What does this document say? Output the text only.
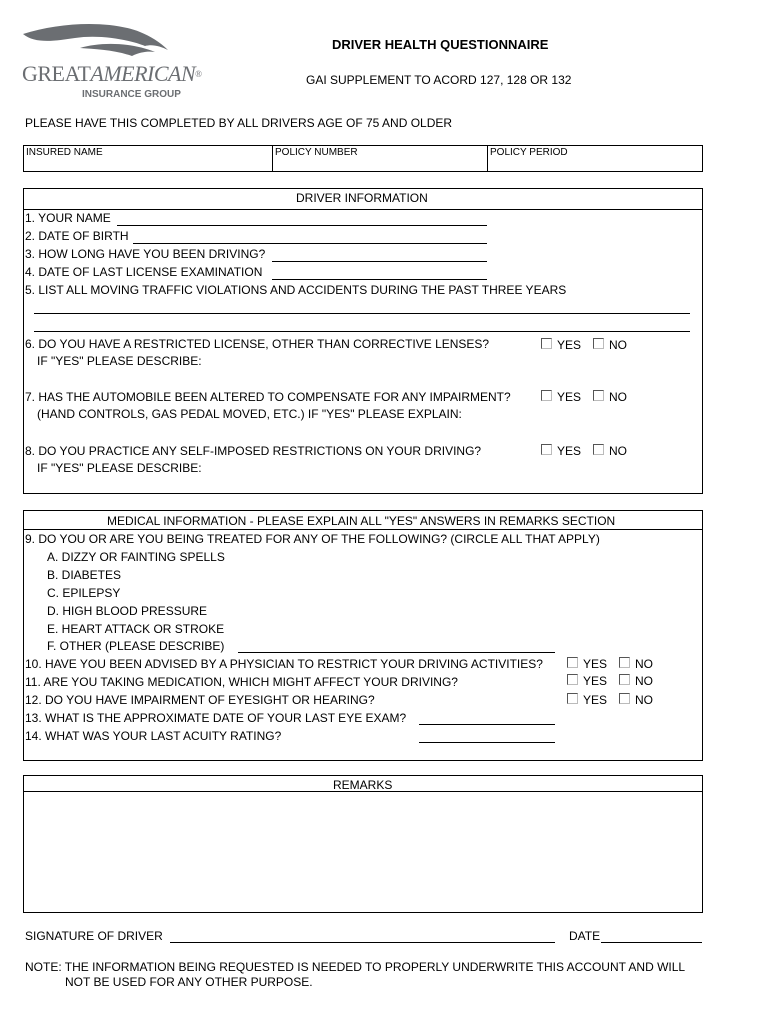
GREATAMERICAN®
INSURANCE GROUP
DRIVER HEALTH QUESTIONNAIRE
GAI SUPPLEMENT TO ACORD 127, 128 OR 132
PLEASE HAVE THIS COMPLETED BY ALL DRIVERS AGE OF 75 AND OLDER
INSURED NAME	POLICY NUMBER	POLICY PERIOD
DRIVER INFORMATION
1. YOUR NAME
2. DATE OF BIRTH
3. HOW LONG HAVE YOU BEEN DRIVING?
4. DATE OF LAST LICENSE EXAMINATION
5. LIST ALL MOVING TRAFFIC VIOLATIONS AND ACCIDENTS DURING THE PAST THREE YEARS
6. DO YOU HAVE A RESTRICTED LICENSE, OTHER THAN CORRECTIVE LENSES?
IF "YES" PLEASE DESCRIBE:
YES NO
7. HAS THE AUTOMOBILE BEEN ALTERED TO COMPENSATE FOR ANY IMPAIRMENT?
(HAND CONTROLS, GAS PEDAL MOVED, ETC.) IF "YES" PLEASE EXPLAIN:
YES NO
8. DO YOU PRACTICE ANY SELF-IMPOSED RESTRICTIONS ON YOUR DRIVING?
IF "YES" PLEASE DESCRIBE:
YES NO
MEDICAL INFORMATION - PLEASE EXPLAIN ALL "YES" ANSWERS IN REMARKS SECTION
9. DO YOU OR ARE YOU BEING TREATED FOR ANY OF THE FOLLOWING? (CIRCLE ALL THAT APPLY)
A. DIZZY OR FAINTING SPELLS
B. DIABETES
C. EPILEPSY
D. HIGH BLOOD PRESSURE
E. HEART ATTACK OR STROKE
F. OTHER (PLEASE DESCRIBE)
10. HAVE YOU BEEN ADVISED BY A PHYSICIAN TO RESTRICT YOUR DRIVING ACTIVITIES?	YES NO
11. ARE YOU TAKING MEDICATION, WHICH MIGHT AFFECT YOUR DRIVING?	YES NO
12. DO YOU HAVE IMPAIRMENT OF EYESIGHT OR HEARING?	YES NO
13. WHAT IS THE APPROXIMATE DATE OF YOUR LAST EYE EXAM?
14. WHAT WAS YOUR LAST ACUITY RATING?
REMARKS
SIGNATURE OF DRIVER	DATE
NOTE: THE INFORMATION BEING REQUESTED IS NEEDED TO PROPERLY UNDERWRITE THIS ACCOUNT AND WILL
NOT BE USED FOR ANY OTHER PURPOSE.
